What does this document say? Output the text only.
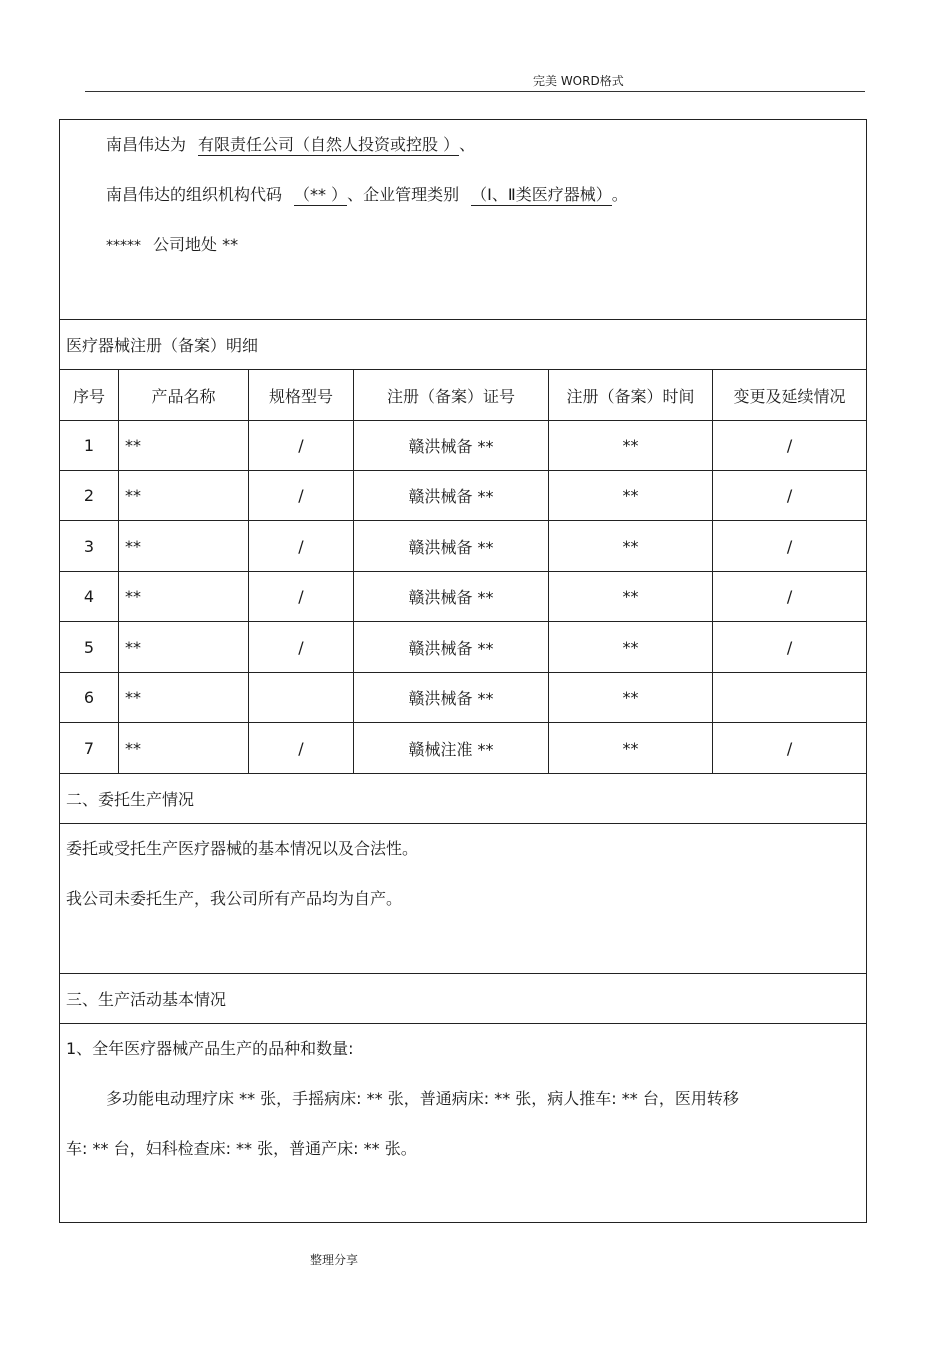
完美 WORD格式
南昌伟达为 有限责任公司（自然人投资或控股 ）、
南昌伟达的组织机构代码 （** ）、企业管理类别 （Ⅰ、Ⅱ类医疗器械）。
***** 公司地处 **					

医疗器械注册（备案）明细					
序号	产品名称	规格型号	注册（备案）证号	注册（备案）时间	变更及延续情况
1	**	/	赣洪械备 **	**	/
2	**	/	赣洪械备 **	**	/
3	**	/	赣洪械备 **	**	/
4	**	/	赣洪械备 **	**	/
5	**	/	赣洪械备 **	**	/
6	**		赣洪械备 **	**	
7	**	/	赣械注准 **	**	/
二、委托生产情况					

委托或受托生产医疗器械的基本情况以及合法性。
我公司未委托生产，我公司所有产品均为自产。					

三、生产活动基本情况					

1、全年医疗器械产品生产的品种和数量:
多功能电动理疗床 ** 张，手摇病床: ** 张，普通病床: ** 张，病人推车: ** 台，医用转移
车: ** 台，妇科检查床: ** 张，普通产床: ** 张。					
整理分享
